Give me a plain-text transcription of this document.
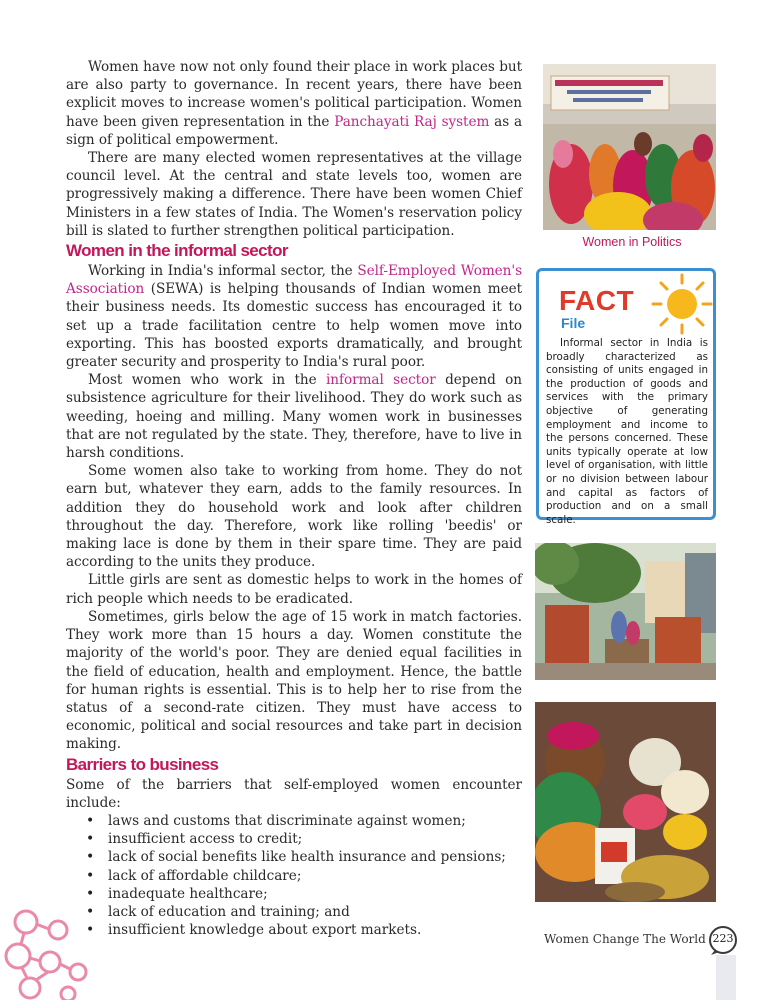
Women have now not only found their place in work places but are also party to governance. In recent years, there have been explicit moves to increase women's political participation. Women have been given representation in the Panchayati Raj system as a sign of political empowerment.

There are many elected women representatives at the village council level. At the central and state levels too, women are progressively making a difference. There have been women Chief Ministers in a few states of India. The Women's reservation policy bill is slated to further strengthen political participation.

Women in the informal sector

Working in India's informal sector, the Self-Employed Women's Association (SEWA) is helping thousands of Indian women meet their business needs. Its domestic success has encouraged it to set up a trade facilitation centre to help women move into exporting. This has boosted exports dramatically, and brought greater security and prosperity to India's rural poor.

Most women who work in the informal sector depend on subsistence agriculture for their livelihood. They do work such as weeding, hoeing and milling. Many women work in businesses that are not regulated by the state. They, therefore, have to live in harsh conditions.

Some women also take to working from home. They do not earn but, whatever they earn, adds to the family resources. In addition they do household work and look after children throughout the day. Therefore, work like rolling 'beedis' or making lace is done by them in their spare time. They are paid according to the units they produce.

Little girls are sent as domestic helps to work in the homes of rich people which needs to be eradicated.

Sometimes, girls below the age of 15 work in match factories. They work more than 15 hours a day. Women constitute the majority of the world's poor. They are denied equal facilities in the field of education, health and employment. Hence, the battle for human rights is essential. This is to help her to rise from the status of a second-rate citizen. They must have access to economic, political and social resources and take part in decision making.

Barriers to business

Some of the barriers that self-employed women encounter include:

• laws and customs that discriminate against women;
• insufficient access to credit;
• lack of social benefits like health insurance and pensions;
• lack of affordable childcare;
• inadequate healthcare;
• lack of education and training; and
• insufficient knowledge about export markets.
Women in Politics
FACT
File
Informal sector in India is broadly characterized as consisting of units engaged in the production of goods and services with the primary objective of generating employment and income to the persons concerned. These units typically operate at low level of organisation, with little or no division between labour and capital as factors of production and on a small scale.
Women Change The World 223
